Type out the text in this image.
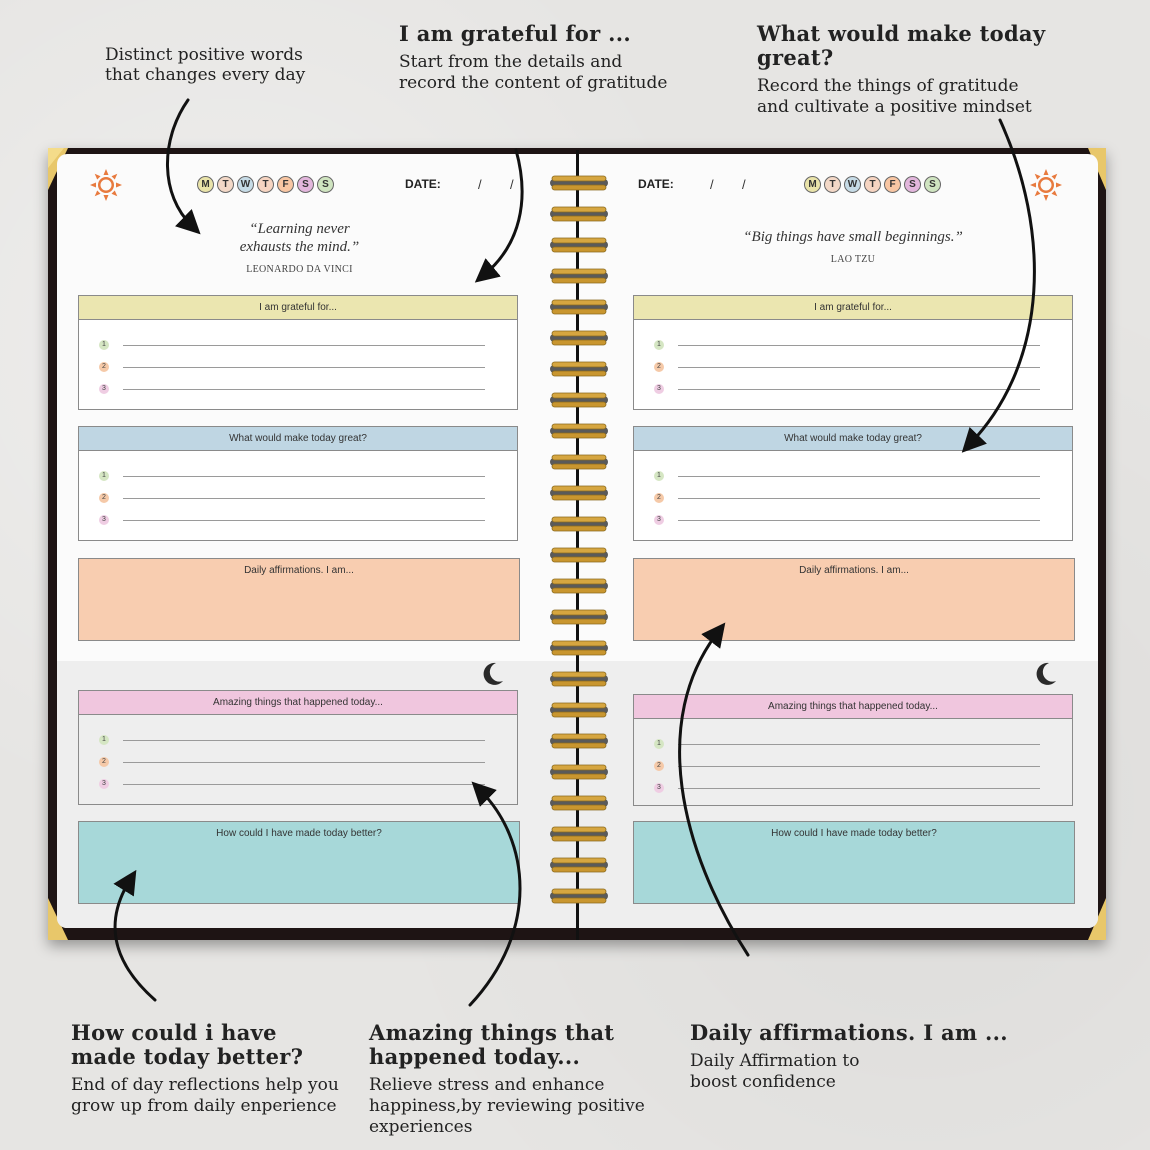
Distinct positive words
that changes every day
I am grateful for ...
Start from the details and
record the content of gratitude
What would make today great?
Record the things of gratitude
and cultivate a positive mindset
M	T	W	T	F	S	S	DATE:	/ /
“Learning never
exhausts the mind.”
LEONARDO DA VINCI
I am grateful for...
1
2
3
What would make today great?
1
2
3
Daily affirmations. I am...
Amazing things that happened today...
1
2
3
How could I have made today better?
DATE:	/ /	M	T	W	T	F	S	S
“Big things have small beginnings.”
LAO TZU
I am grateful for...
1
2
3
What would make today great?
1
2
3
Daily affirmations. I am...
Amazing things that happened today...
1
2
3
How could I have made today better?
How could i have
made today better?
End of day reflections help you
grow up from daily enperience
Amazing things that
happened today...
Relieve stress and enhance
happiness,by reviewing positive
experiences
Daily affirmations. I am ...
Daily Affirmation to
boost confidence
